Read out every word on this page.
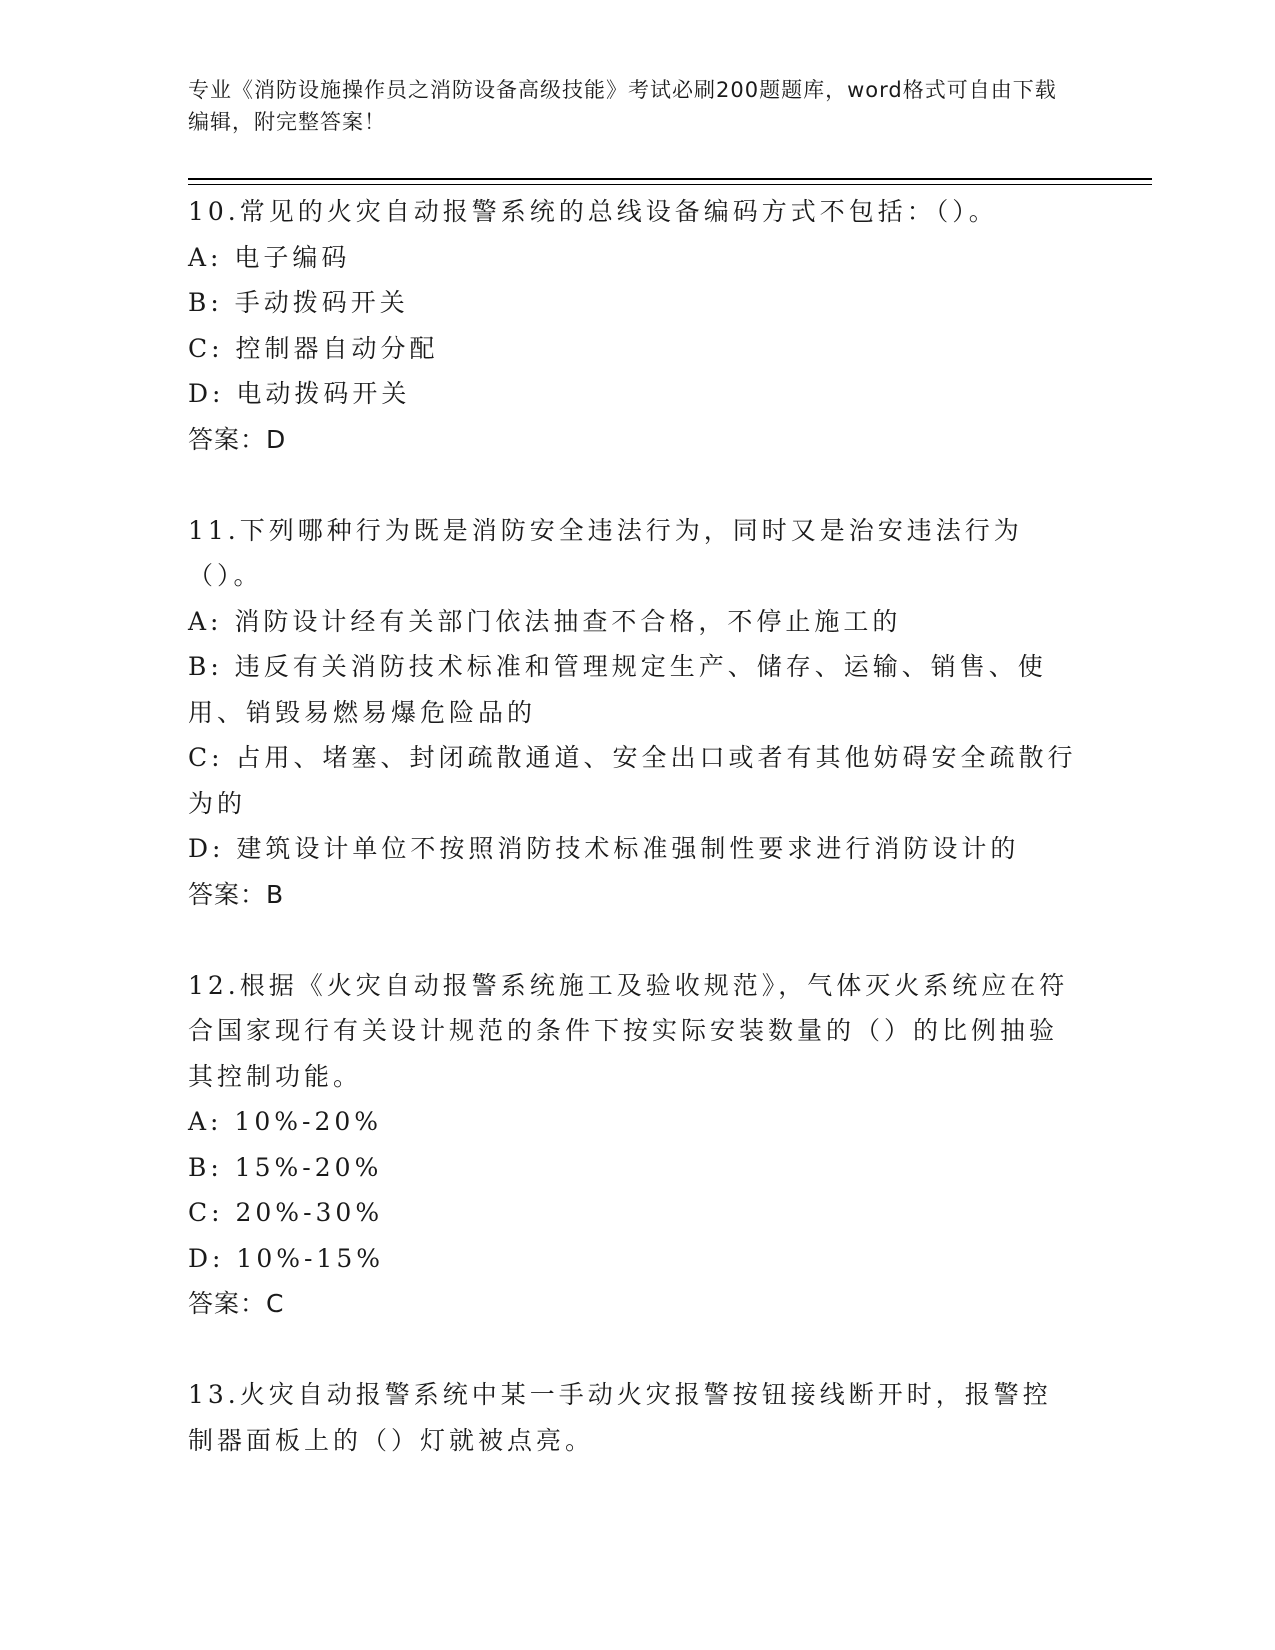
专业《消防设施操作员之消防设备高级技能》考试必刷200题题库，word格式可自由下载编辑，附完整答案！
10.常见的火灾自动报警系统的总线设备编码方式不包括：（）。
A: 电子编码
B: 手动拨码开关
C: 控制器自动分配
D: 电动拨码开关
答案：D
11.下列哪种行为既是消防安全违法行为，同时又是治安违法行为（）。
A: 消防设计经有关部门依法抽查不合格，不停止施工的
B: 违反有关消防技术标准和管理规定生产、储存、运输、销售、使用、销毁易燃易爆危险品的
C: 占用、堵塞、封闭疏散通道、安全出口或者有其他妨碍安全疏散行为的
D: 建筑设计单位不按照消防技术标准强制性要求进行消防设计的
答案：B
12.根据《火灾自动报警系统施工及验收规范》，气体灭火系统应在符合国家现行有关设计规范的条件下按实际安装数量的（）的比例抽验其控制功能。
A: 10%-20%
B: 15%-20%
C: 20%-30%
D: 10%-15%
答案：C
13.火灾自动报警系统中某一手动火灾报警按钮接线断开时，报警控制器面板上的（）灯就被点亮。
